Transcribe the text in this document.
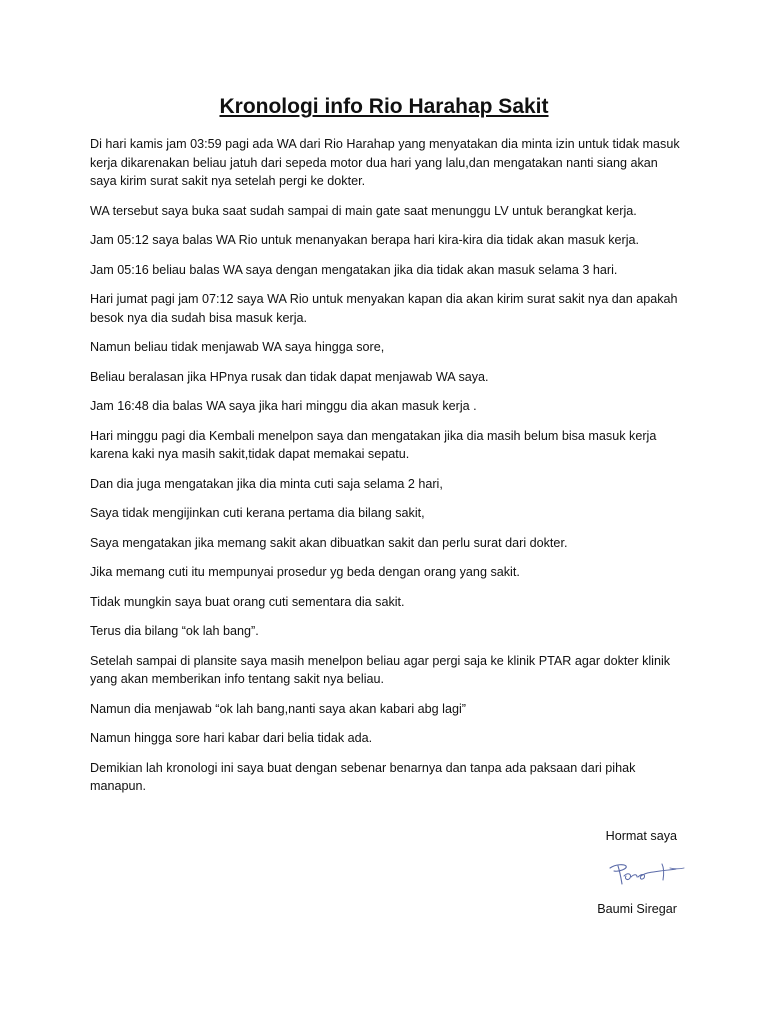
Kronologi info Rio Harahap Sakit

Di hari kamis jam 03:59 pagi ada WA dari Rio Harahap yang menyatakan dia minta izin untuk tidak masuk
kerja dikarenakan beliau jatuh dari sepeda motor dua hari yang lalu,dan mengatakan nanti siang akan
saya kirim surat sakit nya setelah pergi ke dokter.

WA tersebut saya buka saat sudah sampai di main gate saat menunggu LV untuk berangkat kerja.

Jam 05:12 saya balas WA Rio untuk menanyakan berapa hari kira-kira dia tidak akan masuk kerja.

Jam 05:16 beliau balas WA saya dengan mengatakan jika dia tidak akan masuk selama 3 hari.

Hari jumat pagi jam 07:12 saya WA Rio untuk menyakan kapan dia akan kirim surat sakit nya dan apakah
besok nya dia sudah bisa masuk kerja.

Namun beliau tidak menjawab WA saya hingga sore,

Beliau beralasan jika HPnya rusak dan tidak dapat menjawab WA saya.

Jam 16:48 dia balas WA saya jika hari minggu dia akan masuk kerja .

Hari minggu pagi dia Kembali menelpon saya dan mengatakan jika dia masih belum bisa masuk kerja
karena kaki nya masih sakit,tidak dapat memakai sepatu.

Dan dia juga mengatakan jika dia minta cuti saja selama 2 hari,

Saya tidak mengijinkan cuti kerana pertama dia bilang sakit,

Saya mengatakan jika memang sakit akan dibuatkan sakit dan perlu surat dari dokter.

Jika memang cuti itu mempunyai prosedur yg beda dengan orang yang sakit.

Tidak mungkin saya buat orang cuti sementara dia sakit.

Terus dia bilang “ok lah bang”.

Setelah sampai di plansite saya masih menelpon beliau agar pergi saja ke klinik PTAR agar dokter klinik
yang akan memberikan info tentang sakit nya beliau.

Namun dia menjawab “ok lah bang,nanti saya akan kabari abg lagi”

Namun hingga sore hari kabar dari belia tidak ada.

Demikian lah kronologi ini saya buat dengan sebenar benarnya dan tanpa ada paksaan dari pihak
manapun.

Hormat saya
Baumi Siregar
